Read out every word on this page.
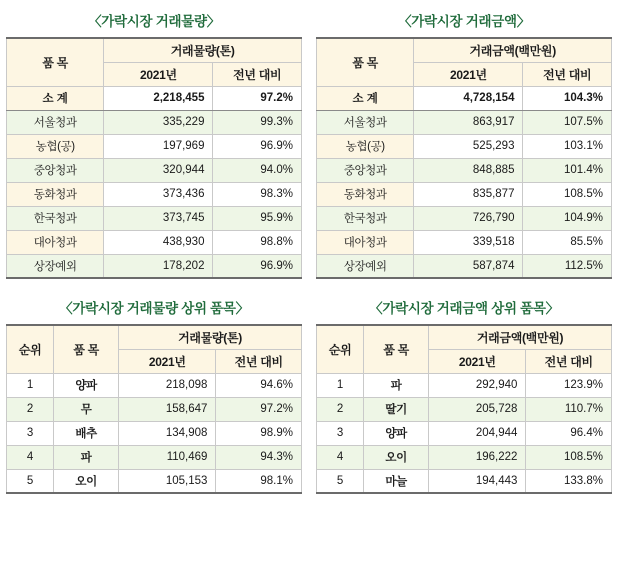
〈가락시장 거래물량〉
품 목	거래물량(톤)	
	2021년	전년 대비
소 계	2,218,455	97.2%
서울청과	335,229	99.3%
농협(공)	197,969	96.9%
중앙청과	320,944	94.0%
동화청과	373,436	98.3%
한국청과	373,745	95.9%
대아청과	438,930	98.8%
상장예외	178,202	96.9%
〈가락시장 거래금액〉
품 목	거래금액(백만원)	
	2021년	전년 대비
소 계	4,728,154	104.3%
서울청과	863,917	107.5%
농협(공)	525,293	103.1%
중앙청과	848,885	101.4%
동화청과	835,877	108.5%
한국청과	726,790	104.9%
대아청과	339,518	85.5%
상장예외	587,874	112.5%
〈가락시장 거래물량 상위 품목〉
순위	품 목	거래물량(톤)	
		2021년	전년 대비
1	양파	218,098	94.6%
2	무	158,647	97.2%
3	배추	134,908	98.9%
4	파	110,469	94.3%
5	오이	105,153	98.1%
〈가락시장 거래금액 상위 품목〉
순위	품 목	거래금액(백만원)	
		2021년	전년 대비
1	파	292,940	123.9%
2	딸기	205,728	110.7%
3	양파	204,944	96.4%
4	오이	196,222	108.5%
5	마늘	194,443	133.8%
